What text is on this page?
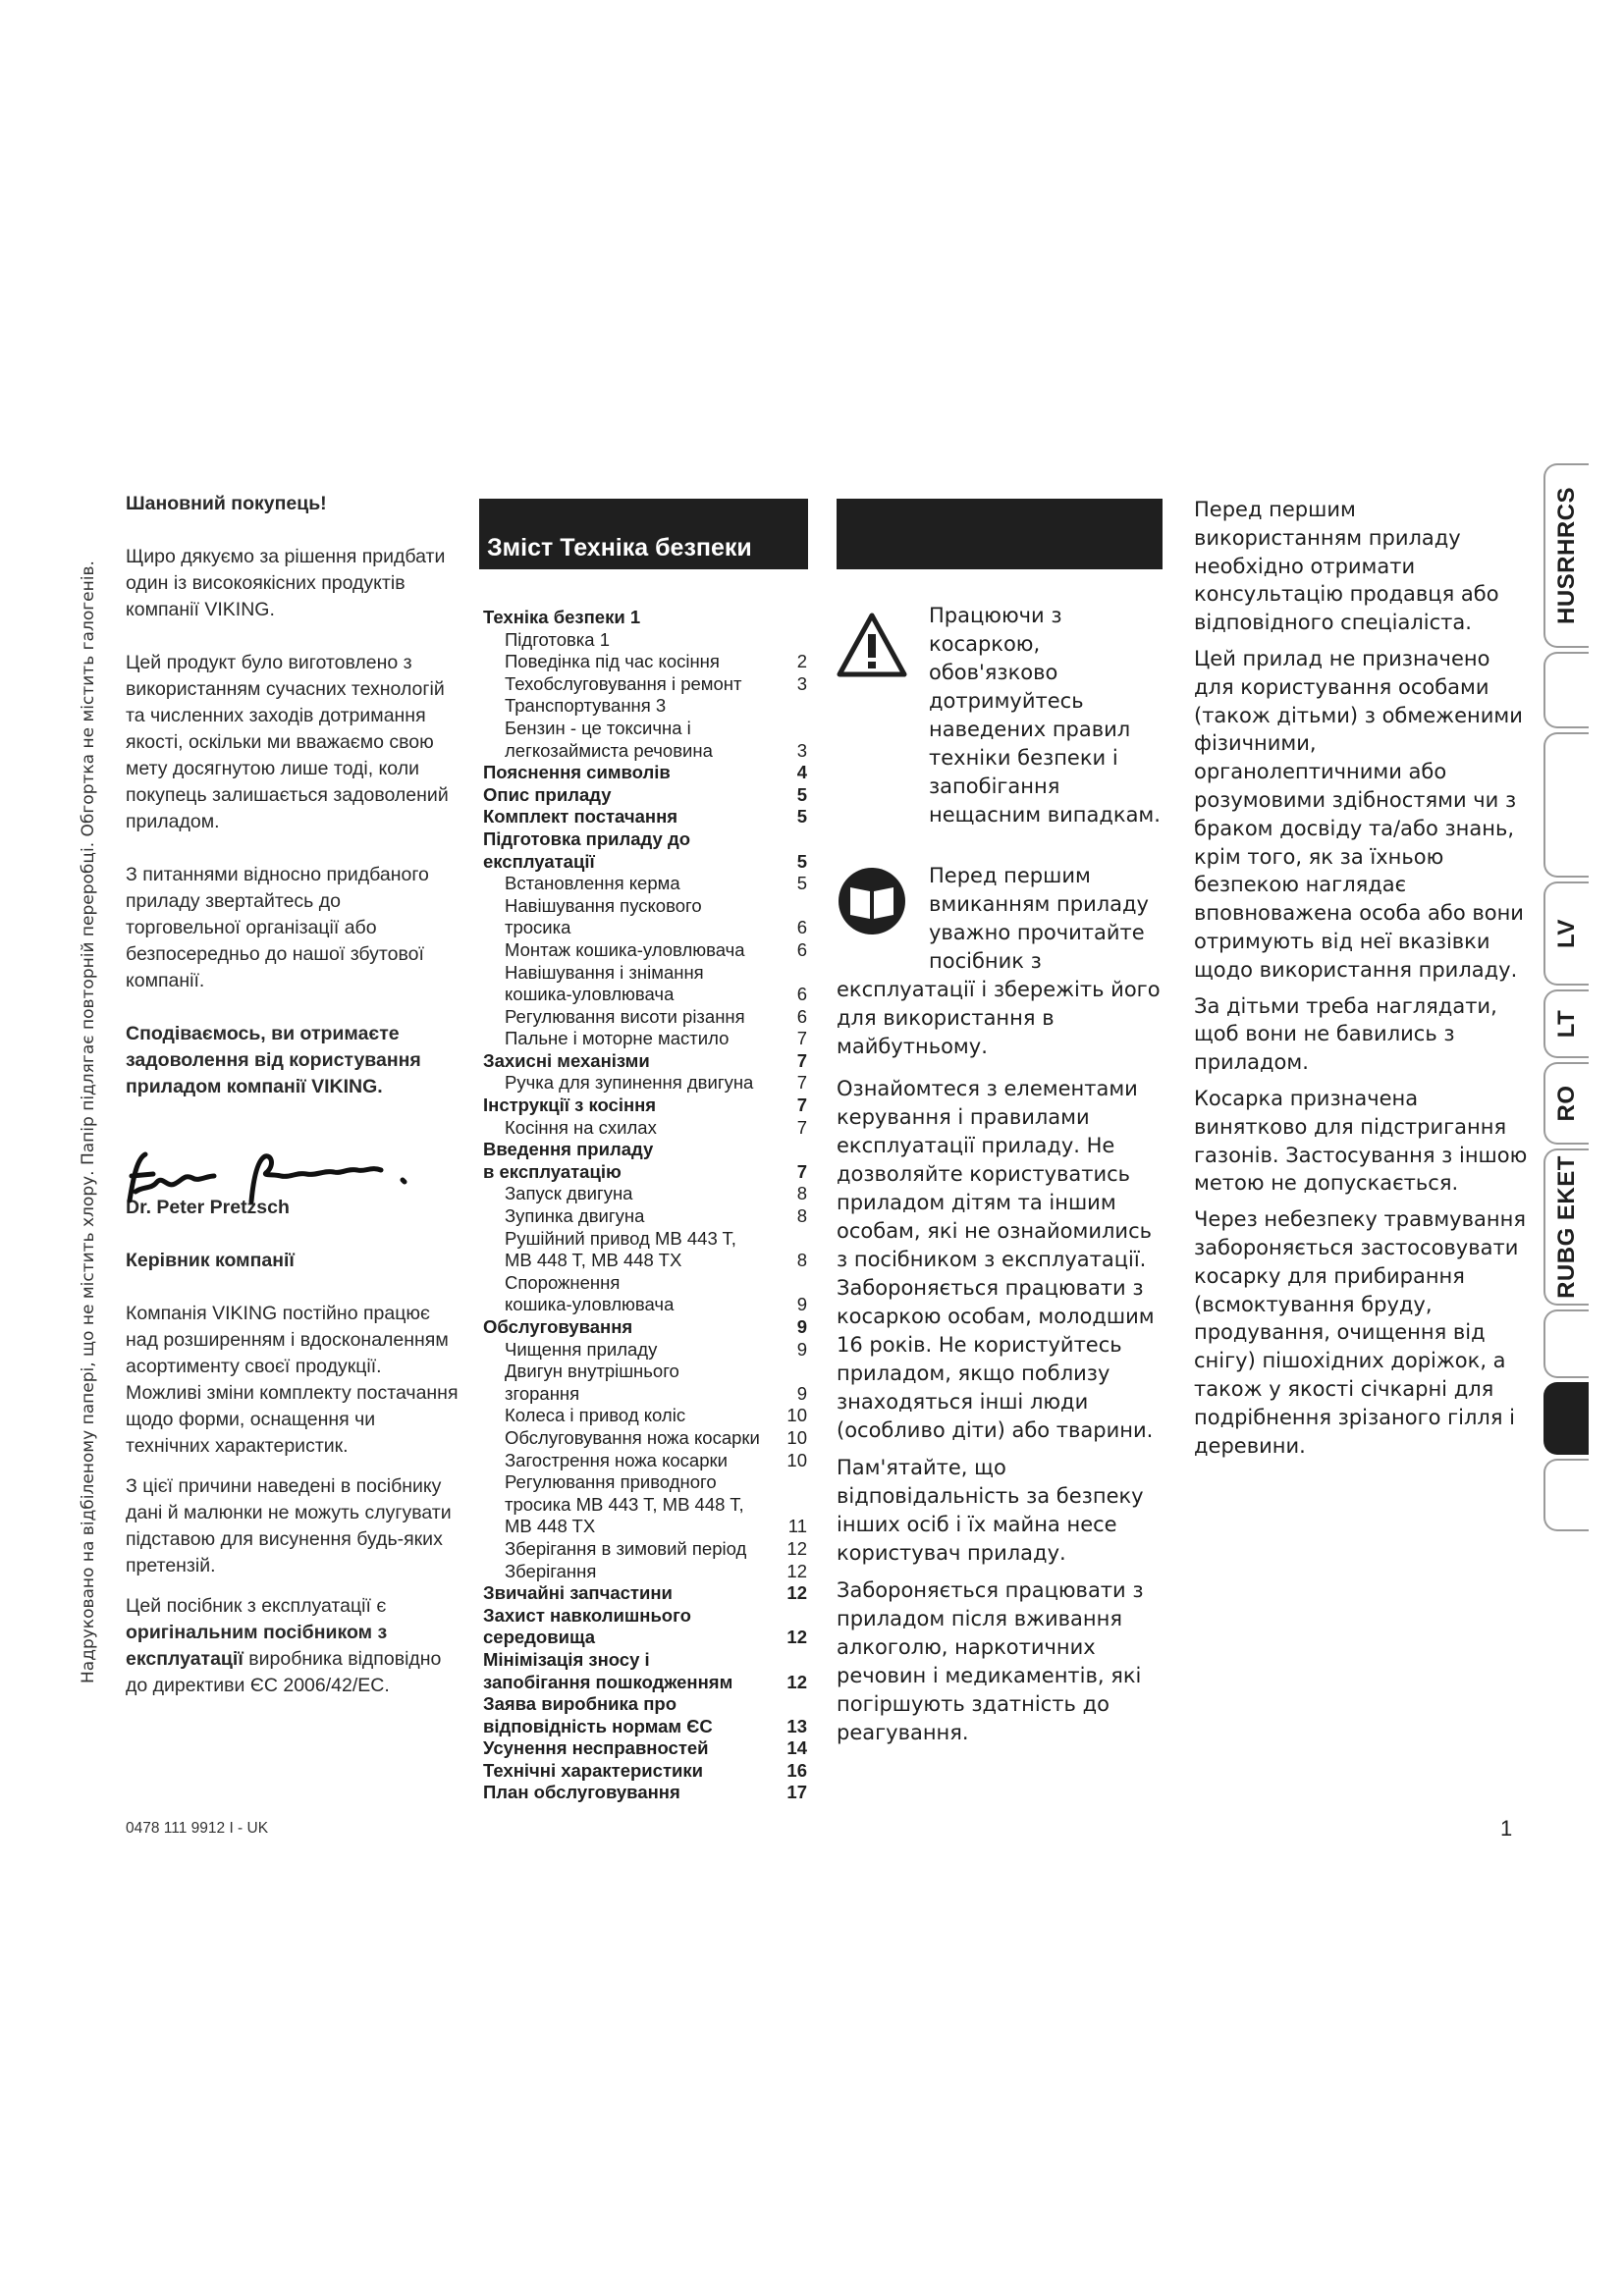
Надруковано на відбіленому папері, що не містить хлору. Папір підлягає повторній переробці. Обгортка не містить галогенів.

Шановний покупець!

Щиро дякуємо за рішення придбати один із високоякісних продуктів компанії VIKING.

Цей продукт було виготовлено з використанням сучасних технологій та численних заходів дотримання якості, оскільки ми вважаємо свою мету досягнутою лише тоді, коли покупець залишається задоволений приладом.

З питаннями відносно придбаного приладу звертайтесь до торговельної організації або безпосередньо до нашої збутової компанії.

Сподіваємось, ви отримаєте задоволення від користування приладом компанії VIKING.

Dr. Peter Pretzsch

Керівник компанії

Компанія VIKING постійно працює над розширенням і вдосконаленням асортименту своєї продукції. Можливі зміни комплекту постачання щодо форми, оснащення чи технічних характеристик.

З цієї причини наведені в посібнику дані й малюнки не можуть слугувати підставою для висунення будь-яких претензій.

Цей посібник з експлуатації є оригінальним посібником з експлуатації виробника відповідно до директиви ЄС 2006/42/ЕС.

Зміст Техніка безпеки
Техніка безпеки 1
Підготовка 1
Поведінка під час косіння	2
Техобслуговування і ремонт	3
Транспортування 3
Бензин - це токсична і
легкозаймиста речовина	3
Пояснення символів	4
Опис приладу	5
Комплект постачання	5
Підготовка приладу до
експлуатації	5
Встановлення керма	5
Навішування пускового
тросика	6
Монтаж кошика-уловлювача	6
Навішування і знімання
кошика-уловлювача	6
Регулювання висоти різання	6
Пальне і моторне мастило	7
Захисні механізми	7
Ручка для зупинення двигуна	7
Інструкції з косіння	7
Косіння на схилах	7
Введення приладу
в експлуатацію	7
Запуск двигуна	8
Зупинка двигуна	8
Рушійний привод MB 443 T,
MB 448 T, MB 448 TX	8
Спорожнення
кошика-уловлювача	9
Обслуговування	9
Чищення приладу	9
Двигун внутрішнього
згорання	9
Колеса і привод коліс	10
Обслуговування ножа косарки	10
Загострення ножа косарки	10
Регулювання приводного
тросика MB 443 T, MB 448 T,
MB 448 TX	11
Зберігання в зимовий період	12
Зберігання	12
Звичайні запчастини	12
Захист навколишнього
середовища	12
Мінімізація зносу і
запобігання пошкодженням	12
Заява виробника про
відповідність нормам ЄС	13
Усунення несправностей	14
Технічні характеристики	16
План обслуговування	17
Працюючи з косаркою, обов'язково дотримуйтесь наведених правил техніки безпеки і запобігання нещасним випадкам.
Перед першим вмиканням приладу уважно прочитайте посібник з

експлуатації і збережіть його для використання в майбутньому.

Ознайомтеся з елементами керування і правилами експлуатації приладу. Не дозволяйте користуватись приладом дітям та іншим особам, які не ознайомились з посібником з експлуатації. Забороняється працювати з косаркою особам, молодшим 16 років. Не користуйтесь приладом, якщо поблизу знаходяться інші люди (особливо діти) або тварини.

Пам'ятайте, що відповідальність за безпеку інших осіб і їх майна несе користувач приладу.

Забороняється працювати з приладом після вживання алкоголю, наркотичних речовин і медикаментів, які погіршують здатність до реагування.

Перед першим використанням приладу необхідно отримати консультацію продавця або відповідного спеціаліста.

Цей прилад не призначено для користування особами (також дітьми) з обмеженими фізичними, органолептичними або розумовими здібностями чи з браком досвіду та/або знань, крім того, як за їхньою безпекою наглядає вповноважена особа або вони отримують від неї вказівки щодо використання приладу.

За дітьми треба наглядати, щоб вони не бавились з приладом.

Косарка призначена винятково для підстригання газонів. Застосування з іншою метою не допускається.

Через небезпеку травмування забороняється застосовувати косарку для прибирання (всмоктування бруду, продування, очищення від снігу) пішохідних доріжок, а також у якості січкарні для подрібнення зрізаного гілля і деревини.

HUSRHRCS
LV
LT
RO
RUBG EKET
0478 111 9912 I - UK	1
